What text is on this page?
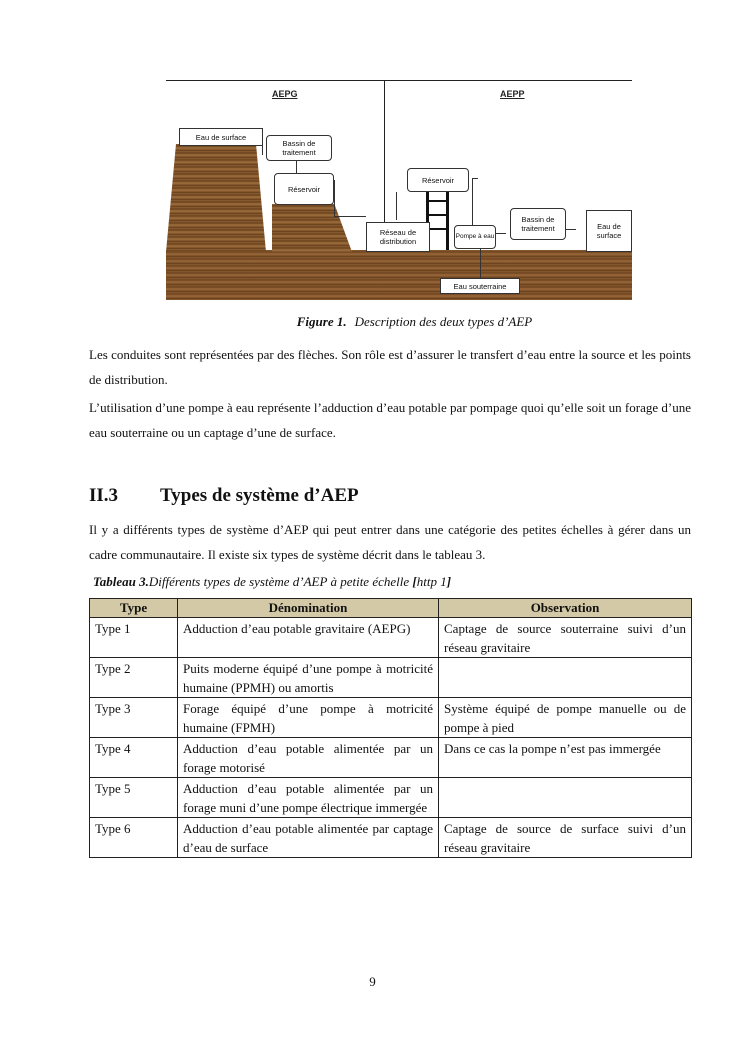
AEPG	AEPP
Eau de surface
Bassin de traitement
Réservoir
Réseau de distribution
Réservoir
Pompe à eau
Bassin de traitement	Eau de surface
Eau souterraine
Figure 1. Description des deux types d’AEP
Les conduites sont représentées par des flèches. Son rôle est d’assurer le transfert d’eau entre la source et les points de distribution.
L’utilisation d’une pompe à eau représente l’adduction d’eau potable par pompage quoi qu’elle soit un forage d’une eau souterraine ou un captage d’une de surface.
II.3 Types de système d’AEP
Il y a différents types de système d’AEP qui peut entrer dans une catégorie des petites échelles à gérer dans un cadre communautaire. Il existe six types de système décrit dans le tableau 3.
Tableau 3.Différents types de système d’AEP à petite échelle [http 1]
Type	Dénomination	Observation
Type 1	Adduction d’eau potable gravitaire (AEPG)	Captage de source souterraine suivi d’un réseau gravitaire
Type 2	Puits moderne équipé d’une pompe à motricité humaine (PPMH) ou amortis	
Type 3	Forage équipé d’une pompe à motricité humaine (FPMH)	Système équipé de pompe manuelle ou de pompe à pied
Type 4	Adduction d’eau potable alimentée par un forage motorisé	Dans ce cas la pompe n’est pas immergée
Type 5	Adduction d’eau potable alimentée par un forage muni d’une pompe électrique immergée	
Type 6	Adduction d’eau potable alimentée par captage d’eau de surface	Captage de source de surface suivi d’un réseau gravitaire
9
